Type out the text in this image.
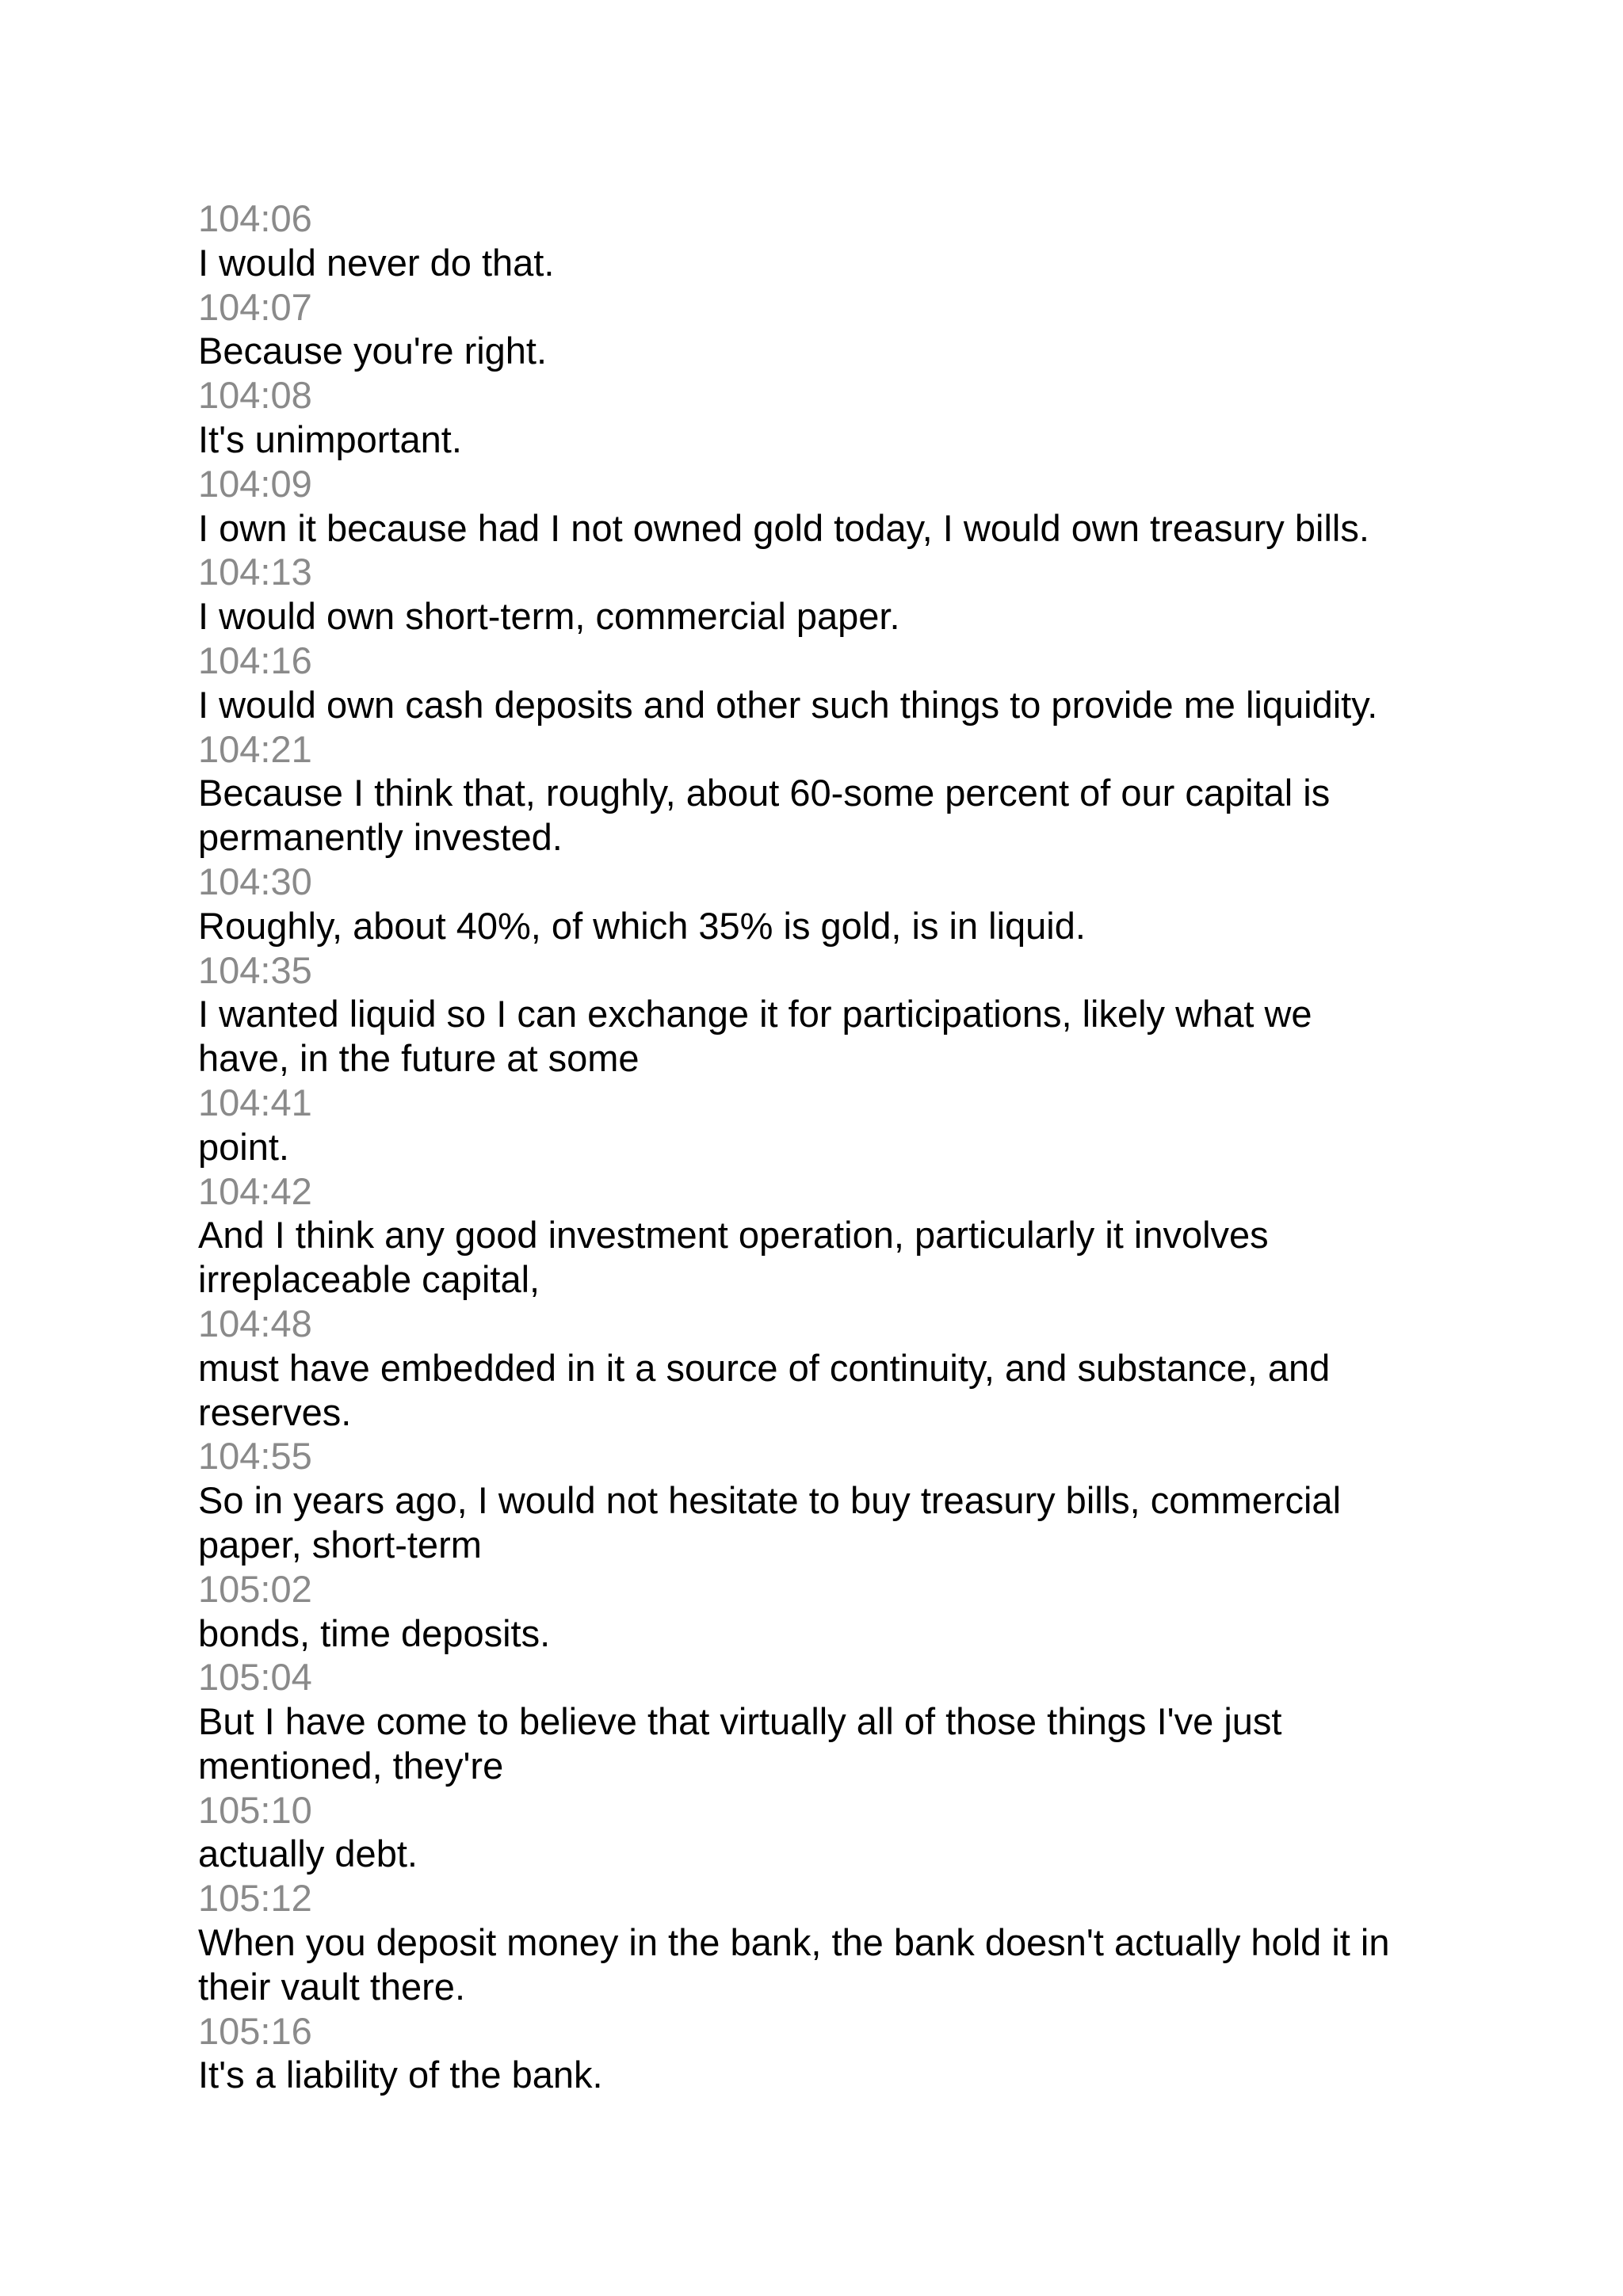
104:06
I would never do that.
104:07
Because you're right.
104:08
It's unimportant.
104:09
I own it because had I not owned gold today, I would own treasury bills.
104:13
I would own short-term, commercial paper.
104:16
I would own cash deposits and other such things to provide me liquidity.
104:21
Because I think that, roughly, about 60-some percent of our capital is
permanently invested.
104:30
Roughly, about 40%, of which 35% is gold, is in liquid.
104:35
I wanted liquid so I can exchange it for participations, likely what we
have, in the future at some
104:41
point.
104:42
And I think any good investment operation, particularly it involves
irreplaceable capital,
104:48
must have embedded in it a source of continuity, and substance, and
reserves.
104:55
So in years ago, I would not hesitate to buy treasury bills, commercial
paper, short-term
105:02
bonds, time deposits.
105:04
But I have come to believe that virtually all of those things I've just
mentioned, they're
105:10
actually debt.
105:12
When you deposit money in the bank, the bank doesn't actually hold it in
their vault there.
105:16
It's a liability of the bank.
